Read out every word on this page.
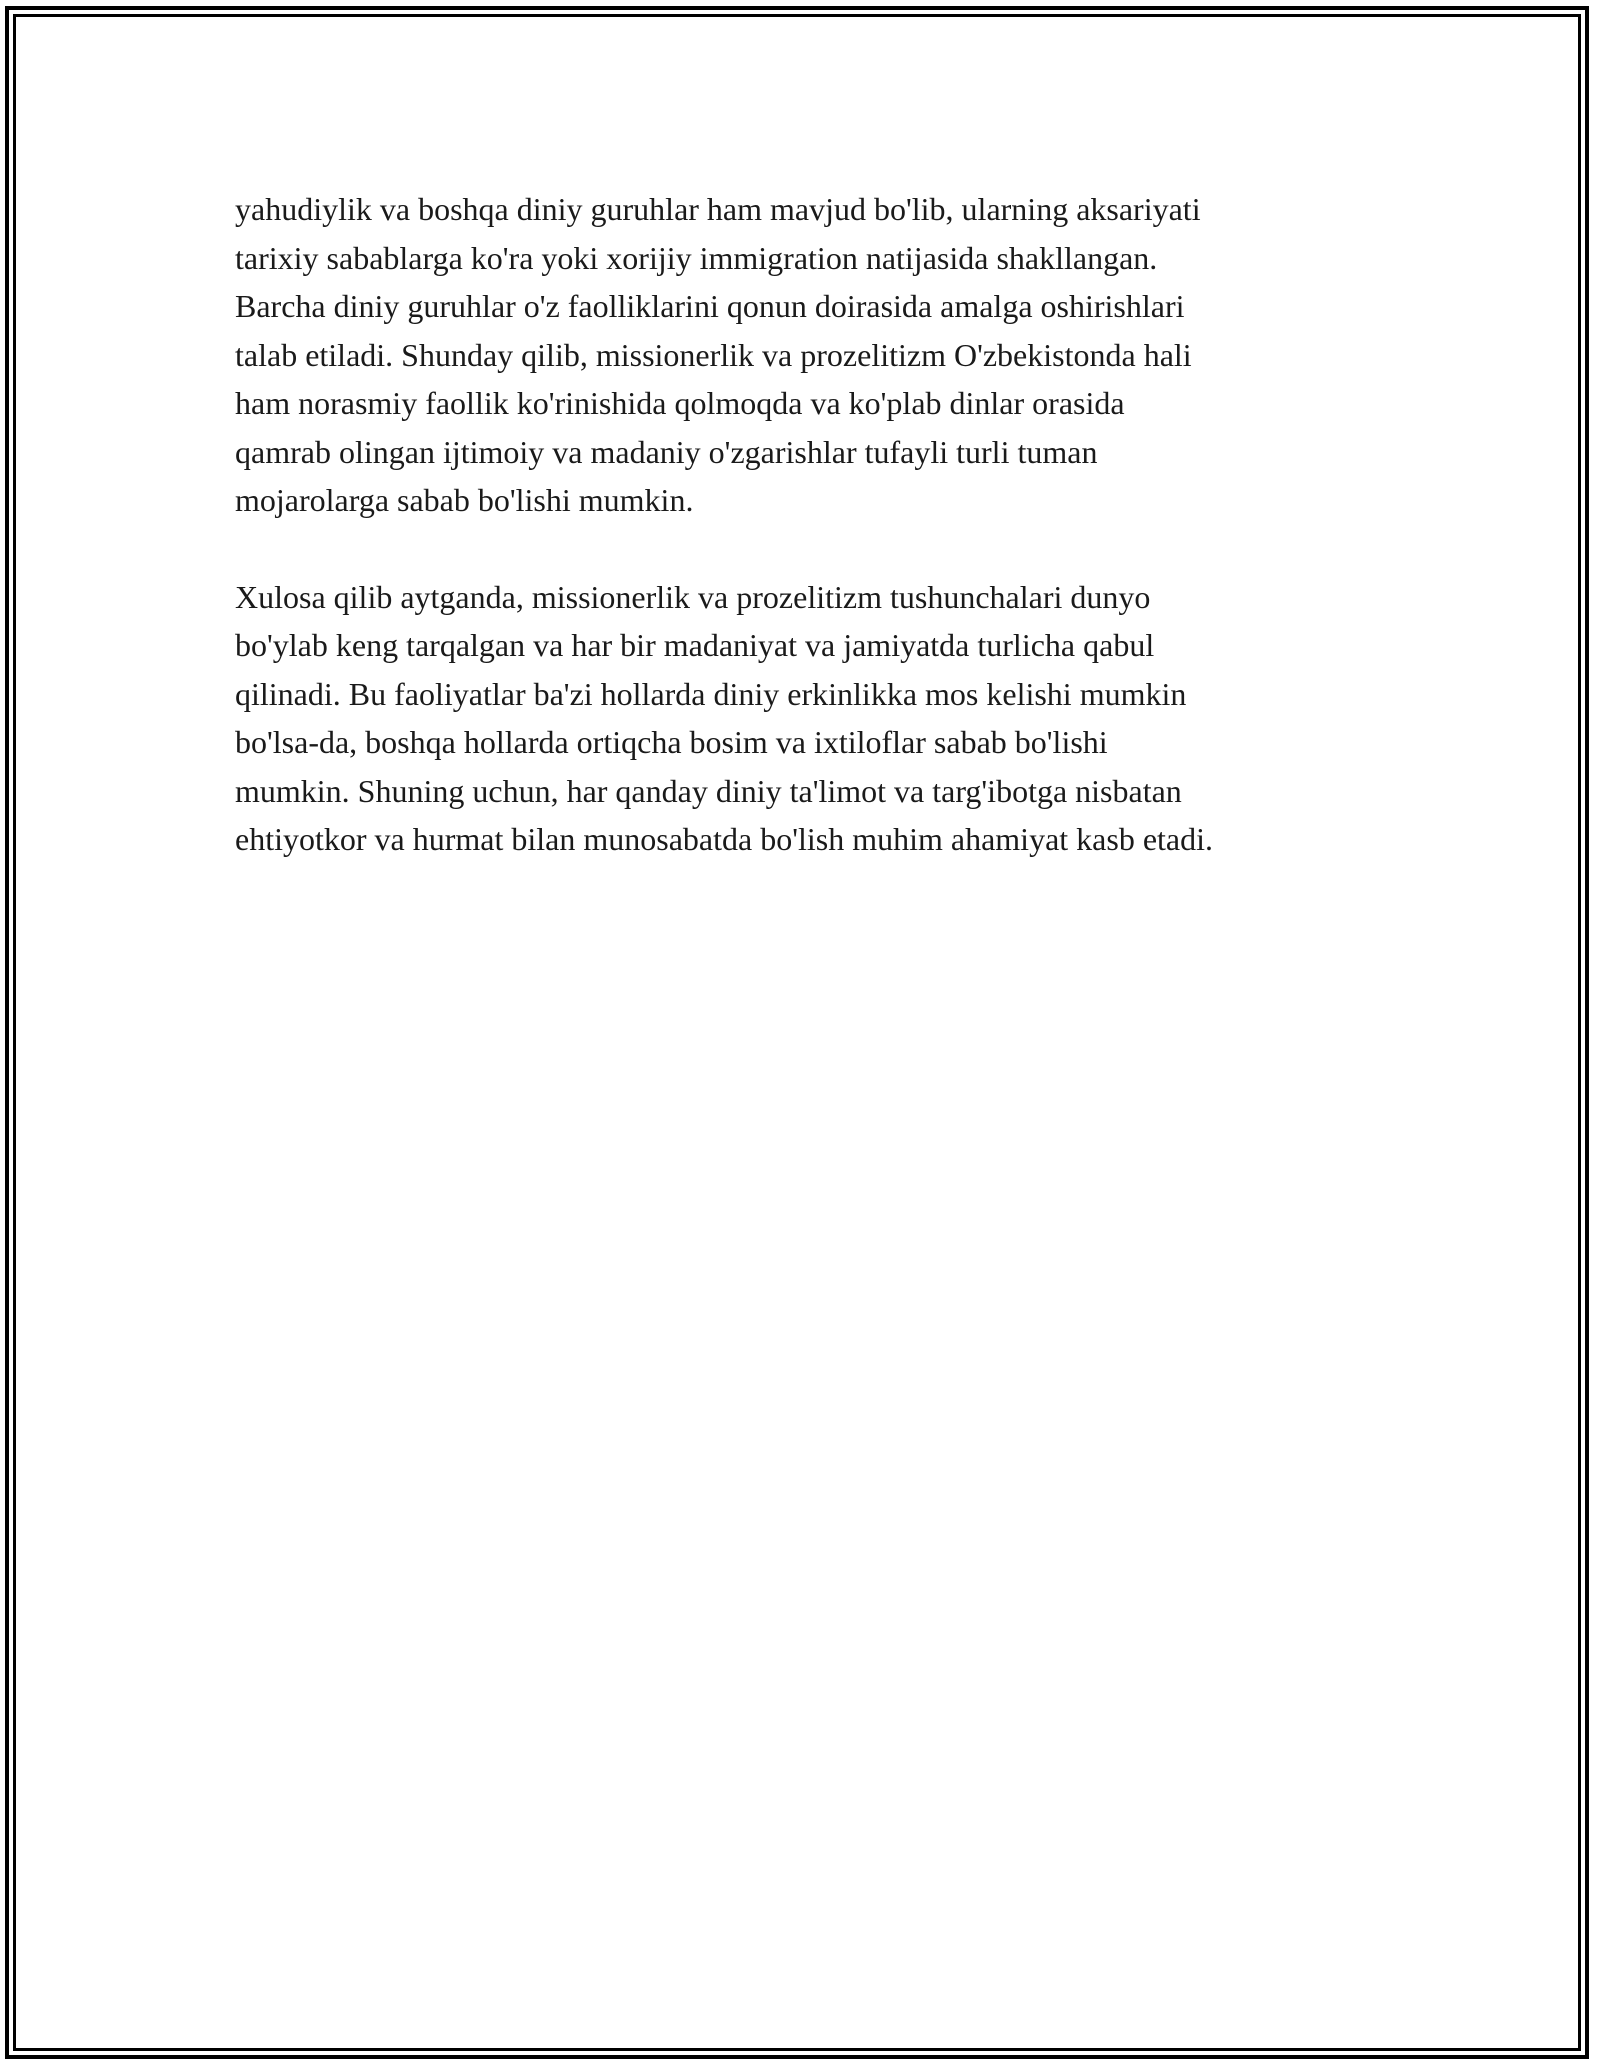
yahudiylik va boshqa diniy guruhlar ham mavjud bo'lib, ularning aksariyati
tarixiy sabablarga ko'ra yoki xorijiy immigration natijasida shakllangan.
Barcha diniy guruhlar o'z faolliklarini qonun doirasida amalga oshirishlari
talab etiladi. Shunday qilib, missionerlik va prozelitizm O'zbekistonda hali
ham norasmiy faollik ko'rinishida qolmoqda va ko'plab dinlar orasida
qamrab olingan ijtimoiy va madaniy o'zgarishlar tufayli turli tuman
mojarolarga sabab bo'lishi mumkin.

Xulosa qilib aytganda, missionerlik va prozelitizm tushunchalari dunyo
bo'ylab keng tarqalgan va har bir madaniyat va jamiyatda turlicha qabul
qilinadi. Bu faoliyatlar ba'zi hollarda diniy erkinlikka mos kelishi mumkin
bo'lsa-da, boshqa hollarda ortiqcha bosim va ixtiloflar sabab bo'lishi
mumkin. Shuning uchun, har qanday diniy ta'limot va targ'ibotga nisbatan
ehtiyotkor va hurmat bilan munosabatda bo'lish muhim ahamiyat kasb etadi.
